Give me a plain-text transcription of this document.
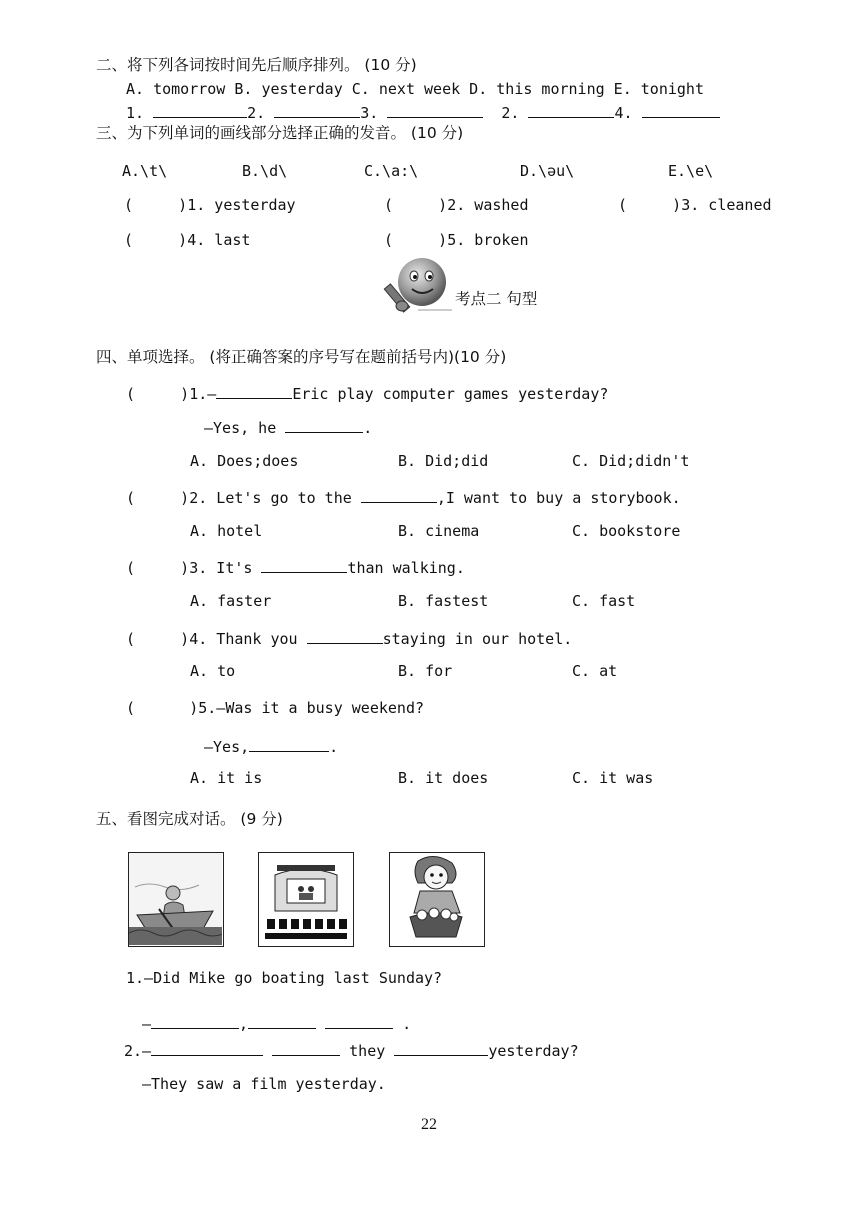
二、将下列各词按时间先后顺序排列。 (10 分)
A. tomorrow B. yesterday C. next week D. this morning E. tonight
1.	2.	3.	2.	4.
三、为下列单词的画线部分选择正确的发音。 (10 分)
A.\t\	B.\d\	C.\a:\	D.\əu\	E.\e\
(     )1. yesterday	(     )2. washed	(     )3. cleaned
(     )4. last	(     )5. broken
考点二 句型
四、单项选择。 (将正确答案的序号写在题前括号内)(10 分)
(     )1.—	Eric play computer games yesterday?
—Yes, he	.
A. Does;does	B. Did;did	C. Did;didn't
(     )2. Let's go to the	,I want to buy a storybook.
A. hotel	B. cinema	C. bookstore
(     )3. It's	than walking.
A. faster	B. fastest	C. fast
(     )4. Thank you	staying in our hotel.
A. to	B. for	C. at
(      )5.—Was it a busy weekend?
—Yes,	.
A. it is	B. it does	C. it was
五、看图完成对话。 (9 分)
1.—Did Mike go boating last Sunday?
—	,	.
2.—	they	yesterday?
—They saw a film yesterday.
22
